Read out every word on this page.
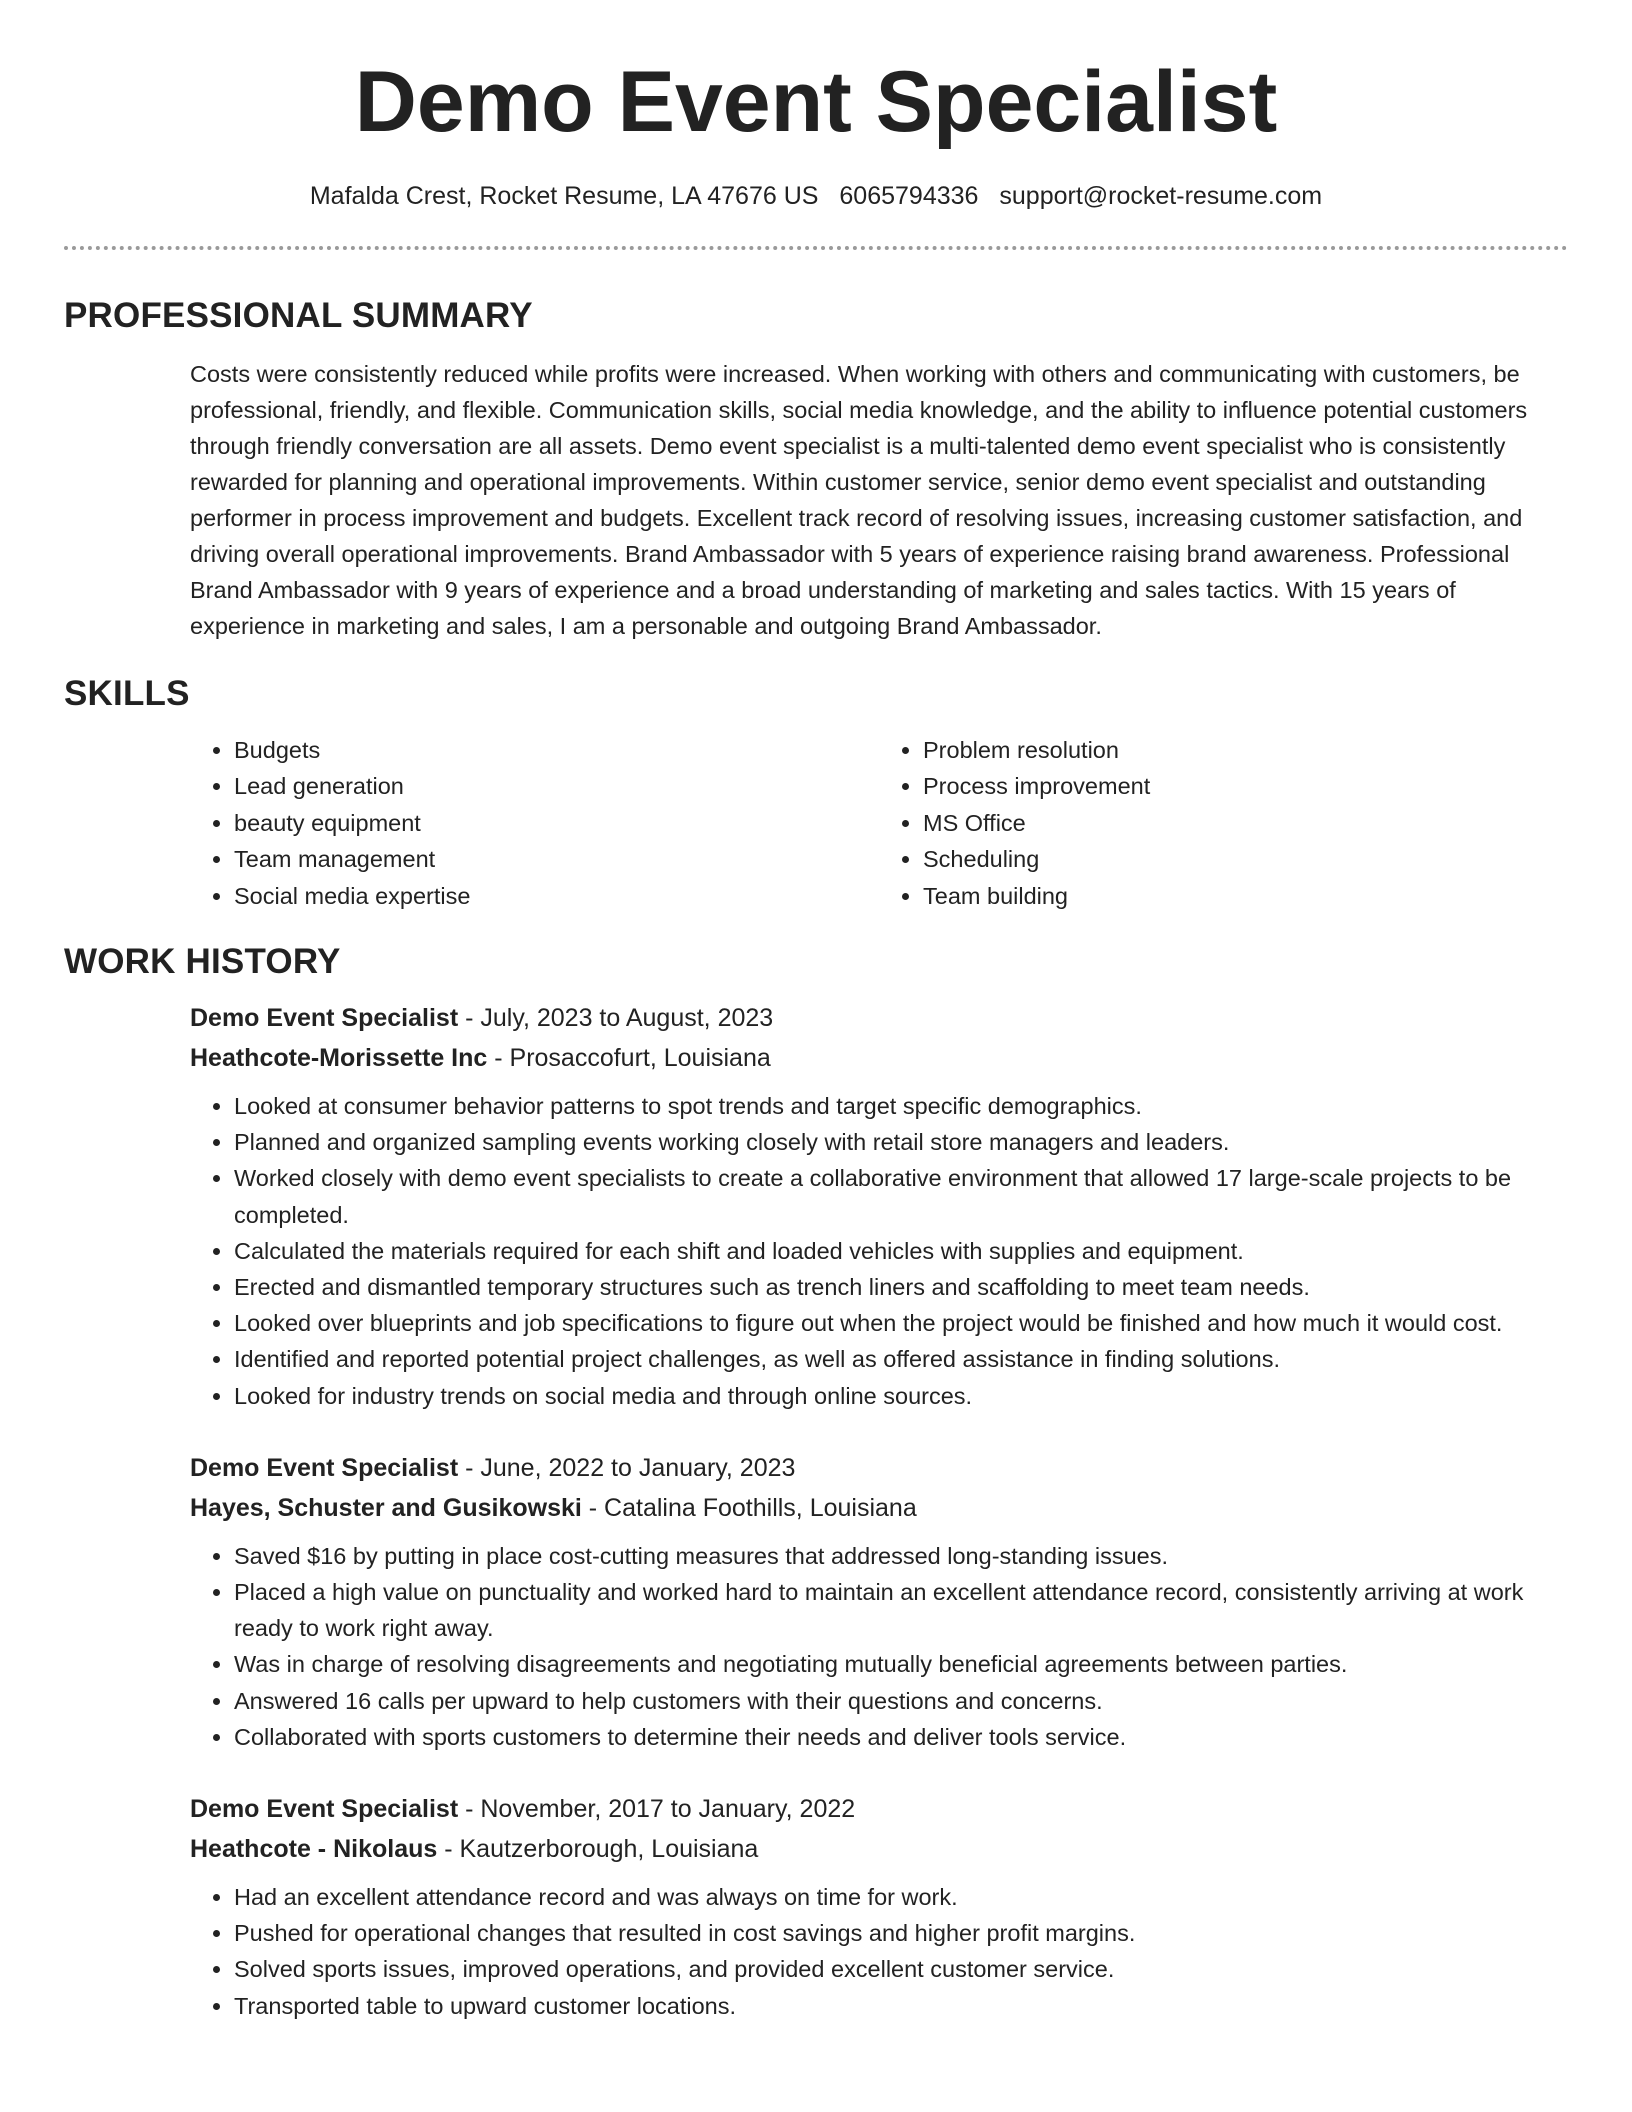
Demo Event Specialist
Mafalda Crest, Rocket Resume, LA 47676 US 6065794336 support@rocket-resume.com
PROFESSIONAL SUMMARY

Costs were consistently reduced while profits were increased. When working with others and communicating with customers, be professional, friendly, and flexible. Communication skills, social media knowledge, and the ability to influence potential customers through friendly conversation are all assets. Demo event specialist is a multi-talented demo event specialist who is consistently rewarded for planning and operational improvements. Within customer service, senior demo event specialist and outstanding performer in process improvement and budgets. Excellent track record of resolving issues, increasing customer satisfaction, and driving overall operational improvements. Brand Ambassador with 5 years of experience raising brand awareness. Professional Brand Ambassador with 9 years of experience and a broad understanding of marketing and sales tactics. With 15 years of experience in marketing and sales, I am a personable and outgoing Brand Ambassador.

SKILLS
• Budgets
• Lead generation
• beauty equipment
• Team management
• Social media expertise
• Problem resolution
• Process improvement
• MS Office
• Scheduling
• Team building
WORK HISTORY
Demo Event Specialist - July, 2023 to August, 2023
Heathcote-Morissette Inc - Prosaccofurt, Louisiana
• Looked at consumer behavior patterns to spot trends and target specific demographics.
• Planned and organized sampling events working closely with retail store managers and leaders.
• Worked closely with demo event specialists to create a collaborative environment that allowed 17 large-scale projects to be completed.
• Calculated the materials required for each shift and loaded vehicles with supplies and equipment.
• Erected and dismantled temporary structures such as trench liners and scaffolding to meet team needs.
• Looked over blueprints and job specifications to figure out when the project would be finished and how much it would cost.
• Identified and reported potential project challenges, as well as offered assistance in finding solutions.
• Looked for industry trends on social media and through online sources.
Demo Event Specialist - June, 2022 to January, 2023
Hayes, Schuster and Gusikowski - Catalina Foothills, Louisiana
• Saved $16 by putting in place cost-cutting measures that addressed long-standing issues.
• Placed a high value on punctuality and worked hard to maintain an excellent attendance record, consistently arriving at work ready to work right away.
• Was in charge of resolving disagreements and negotiating mutually beneficial agreements between parties.
• Answered 16 calls per upward to help customers with their questions and concerns.
• Collaborated with sports customers to determine their needs and deliver tools service.
Demo Event Specialist - November, 2017 to January, 2022
Heathcote - Nikolaus - Kautzerborough, Louisiana
• Had an excellent attendance record and was always on time for work.
• Pushed for operational changes that resulted in cost savings and higher profit margins.
• Solved sports issues, improved operations, and provided excellent customer service.
• Transported table to upward customer locations.
